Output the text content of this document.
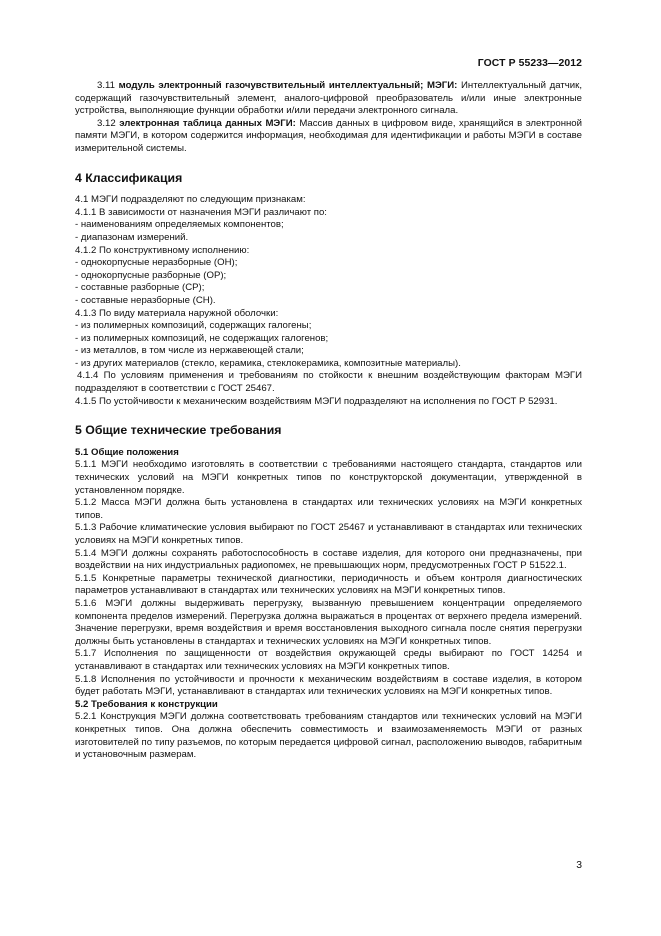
ГОСТ Р 55233—2012

3.11 модуль электронный газочувствительный интеллектуальный; МЭГИ: Интеллектуальный датчик, содержащий газочувствительный элемент, аналого-цифровой преобразователь и/или иные электронные устройства, выполняющие функции обработки и/или передачи электронного сигнала.

3.12 электронная таблица данных МЭГИ: Массив данных в цифровом виде, хранящийся в электронной памяти МЭГИ, в котором содержится информация, необходимая для идентификации и работы МЭГИ в составе измерительной системы.

4 Классификация

4.1 МЭГИ подразделяют по следующим признакам:

4.1.1 В зависимости от назначения МЭГИ различают по:

- наименованиям определяемых компонентов;

- диапазонам измерений.

4.1.2 По конструктивному исполнению:

- однокорпусные неразборные (ОН);

- однокорпусные разборные (ОР);

- составные разборные (СР);

- составные неразборные (СН).

4.1.3 По виду материала наружной оболочки:

- из полимерных композиций, содержащих галогены;

- из полимерных композиций, не содержащих галогенов;

- из металлов, в том числе из нержавеющей стали;

- из других материалов (стекло, керамика, стеклокерамика, композитные материалы).

4.1.4 По условиям применения и требованиям по стойкости к внешним воздействующим факторам МЭГИ подразделяют в соответствии с ГОСТ 25467.

4.1.5 По устойчивости к механическим воздействиям МЭГИ подразделяют на исполнения по ГОСТ Р 52931.

5 Общие технические требования

5.1 Общие положения

5.1.1 МЭГИ необходимо изготовлять в соответствии с требованиями настоящего стандарта, стандартов или технических условий на МЭГИ конкретных типов по конструкторской документации, утвержденной в установленном порядке.

5.1.2 Масса МЭГИ должна быть установлена в стандартах или технических условиях на МЭГИ конкретных типов.

5.1.3 Рабочие климатические условия выбирают по ГОСТ 25467 и устанавливают в стандартах или технических условиях на МЭГИ конкретных типов.

5.1.4 МЭГИ должны сохранять работоспособность в составе изделия, для которого они предназначены, при воздействии на них индустриальных радиопомех, не превышающих норм, предусмотренных ГОСТ Р 51522.1.

5.1.5 Конкретные параметры технической диагностики, периодичность и объем контроля диагностических параметров устанавливают в стандартах или технических условиях на МЭГИ конкретных типов.

5.1.6 МЭГИ должны выдерживать перегрузку, вызванную превышением концентрации определяемого компонента пределов измерений. Перегрузка должна выражаться в процентах от верхнего предела измерений. Значение перегрузки, время воздействия и время восстановления выходного сигнала после снятия перегрузки должны быть установлены в стандартах и технических условиях на МЭГИ конкретных типов.

5.1.7 Исполнения по защищенности от воздействия окружающей среды выбирают по ГОСТ 14254 и устанавливают в стандартах или технических условиях на МЭГИ конкретных типов.

5.1.8 Исполнения по устойчивости и прочности к механическим воздействиям в составе изделия, в котором будет работать МЭГИ, устанавливают в стандартах или технических условиях на МЭГИ конкретных типов.

5.2 Требования к конструкции

5.2.1 Конструкция МЭГИ должна соответствовать требованиям стандартов или технических условий на МЭГИ конкретных типов. Она должна обеспечить совместимость и взаимозаменяемость МЭГИ от разных изготовителей по типу разъемов, по которым передается цифровой сигнал, расположению выводов, габаритным и установочным размерам.

3
